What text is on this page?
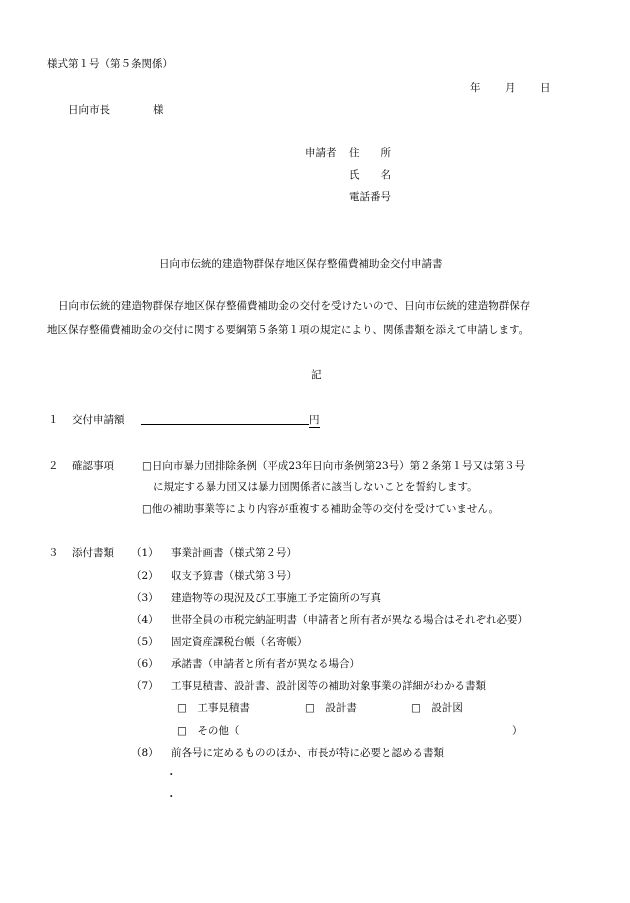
様式第１号（第５条関係）
年 月 日
日向市長	様
申請者 住　　所
氏　　名
電話番号
日向市伝統的建造物群保存地区保存整備費補助金交付申請書
日向市伝統的建造物群保存地区保存整備費補助金の交付を受けたいので、日向市伝統的建造物群保存
地区保存整備費補助金の交付に関する要綱第５条第１項の規定により、関係書類を添えて申請します。
記
１ 交付申請額	円
２ 確認事項	□日向市暴力団排除条例（平成23年日向市条例第23号）第２条第１号又は第３号
に規定する暴力団又は暴力団関係者に該当しないことを誓約します。
□他の補助事業等により内容が重複する補助金等の交付を受けていません。
３ 添付書類 （1） 事業計画書（様式第２号）
（2） 収支予算書（様式第３号）
（3） 建造物等の現況及び工事施工予定箇所の写真
（4） 世帯全員の市税完納証明書（申請者と所有者が異なる場合はそれぞれ必要）
（5） 固定資産課税台帳（名寄帳）
（6） 承諾書（申請者と所有者が異なる場合）
（7） 工事見積書、設計書、設計図等の補助対象事業の詳細がわかる書類
□　工事見積書	□　設計書	□　設計図
□　その他（	）
（8） 前各号に定めるもののほか、市長が特に必要と認める書類
・
・
